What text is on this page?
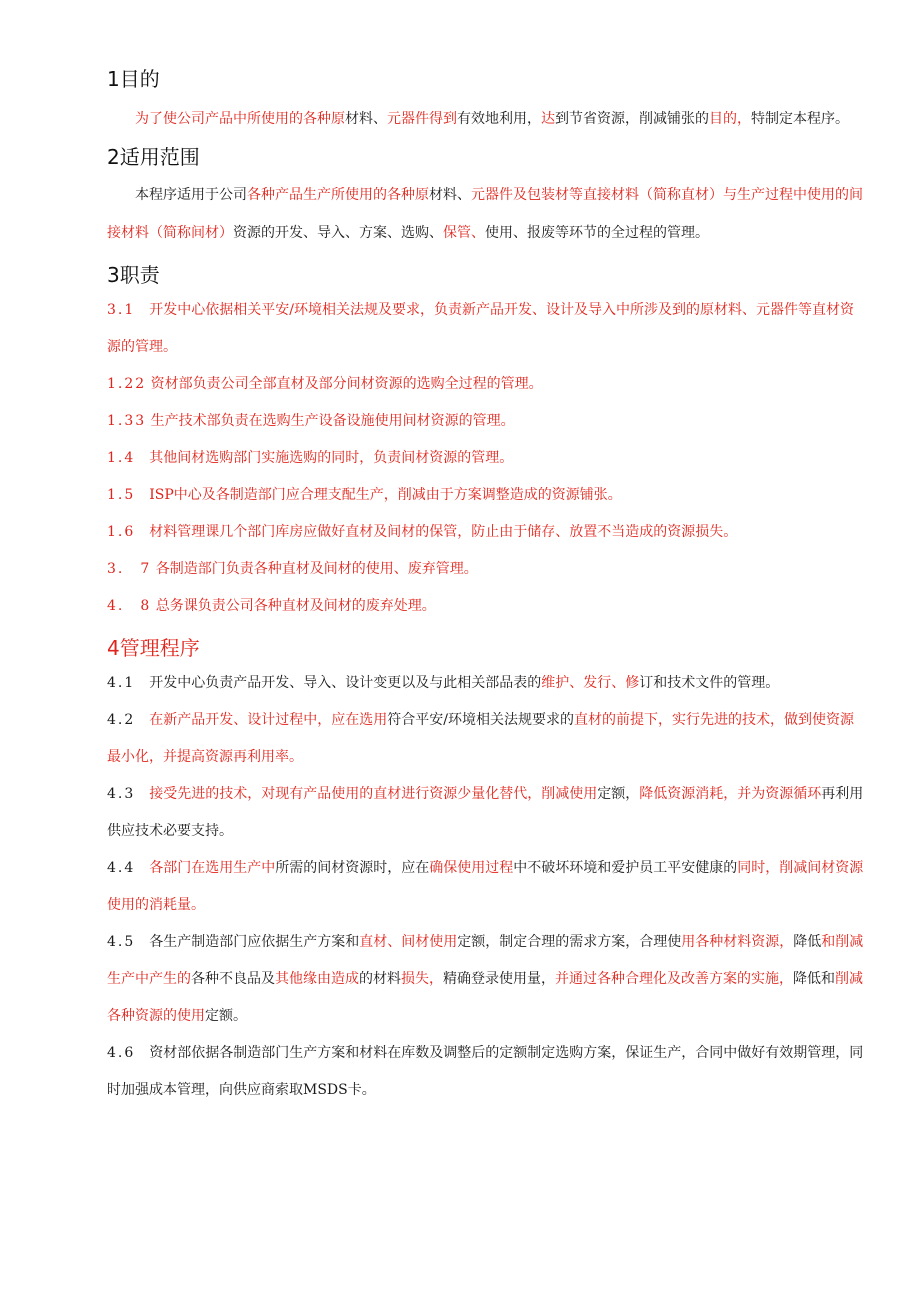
1目的

为了使公司产品中所使用的各种原材料、元器件得到有效地利用，达到节省资源，削减铺张的目的，特制定本程序。

2适用范围

本程序适用于公司各种产品生产所使用的各种原材料、元器件及包装材等直接材料（简称直材）与生产过程中使用的间接材料（简称间材）资源的开发、导入、方案、选购、保管、使用、报废等环节的全过程的管理。

3职责

3.1　 开发中心依据相关平安/环境相关法规及要求，负责新产品开发、设计及导入中所涉及到的原材料、元器件等直材资源的管理。

1.22 资材部负责公司全部直材及部分间材资源的选购全过程的管理。

1.33 生产技术部负责在选购生产设备设施使用间材资源的管理。

1.4　 其他间材选购部门实施选购的同时，负责间材资源的管理。

1.5　 ISP中心及各制造部门应合理支配生产，削减由于方案调整造成的资源铺张。

1.6　 材料管理课几个部门库房应做好直材及间材的保管，防止由于储存、放置不当造成的资源损失。

3.　7 各制造部门负责各种直材及间材的使用、废弃管理。

4.　8 总务课负责公司各种直材及间材的废弃处理。

4管理程序

4.1　 开发中心负责产品开发、导入、设计变更以及与此相关部品表的维护、发行、修订和技术文件的管理。

4.2　 在新产品开发、设计过程中，应在选用符合平安/环境相关法规要求的直材的前提下，实行先进的技术，做到使资源最小化，并提高资源再利用率。

4.3　 接受先进的技术，对现有产品使用的直材进行资源少量化替代，削减使用定额，降低资源消耗，并为资源循环再利用供应技术必要支持。

4.4　 各部门在选用生产中所需的间材资源时，应在确保使用过程中不破坏环境和爱护员工平安健康的同时，削减间材资源使用的消耗量。

4.5　 各生产制造部门应依据生产方案和直材、间材使用定额，制定合理的需求方案，合理使用各种材料资源，降低和削减生产中产生的各种不良品及其他缘由造成的材料损失，精确登录使用量，并通过各种合理化及改善方案的实施，降低和削减各种资源的使用定额。

4.6　 资材部依据各制造部门生产方案和材料在库数及调整后的定额制定选购方案，保证生产，合同中做好有效期管理，同时加强成本管理，向供应商索取MSDS卡。
